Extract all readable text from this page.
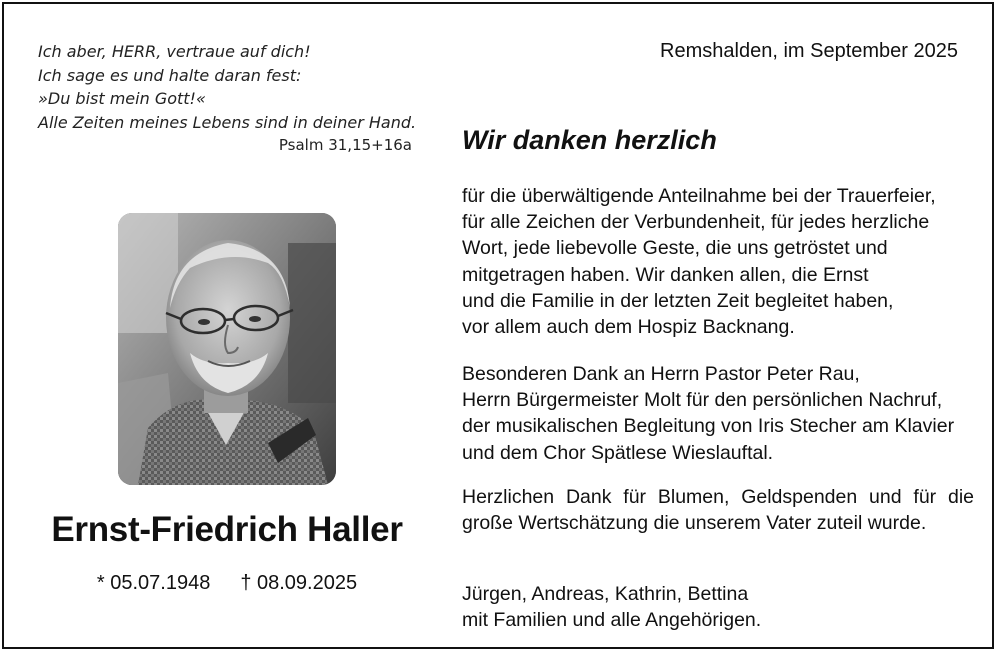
Ich aber, HERR, vertraue auf dich!
Ich sage es und halte daran fest:
»Du bist mein Gott!«
Alle Zeiten meines Lebens sind in deiner Hand.
Psalm 31,15+16a
Remshalden, im September 2025
Ernst-Friedrich Haller
* 05.07.1948 † 08.09.2025
Wir danken herzlich
für die überwältigende Anteilnahme bei der Trauerfeier,
für alle Zeichen der Verbundenheit, für jedes herzliche
Wort, jede liebevolle Geste, die uns getröstet und
mitgetragen haben. Wir danken allen, die Ernst
und die Familie in der letzten Zeit begleitet haben,
vor allem auch dem Hospiz Backnang.
Besonderen Dank an Herrn Pastor Peter Rau,
Herrn Bürgermeister Molt für den persönlichen Nachruf,
der musikalischen Begleitung von Iris Stecher am Klavier
und dem Chor Spätlese Wieslauftal.
Herzlichen Dank für Blumen, Geldspenden und für die
große Wertschätzung die unserem Vater zuteil wurde.
Jürgen, Andreas, Kathrin, Bettina
mit Familien und alle Angehörigen.
